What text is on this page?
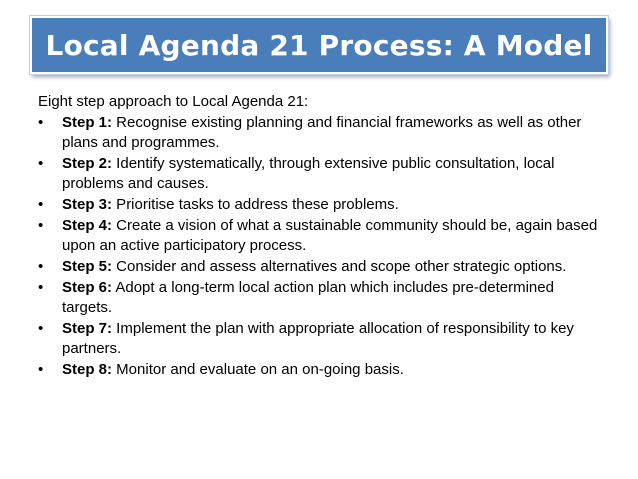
Local Agenda 21 Process: A Model

Eight step approach to Local Agenda 21:

•	Step 1: Recognise existing planning and financial frameworks as well as other plans and programmes.
•	Step 2: Identify systematically, through extensive public consultation, local problems and causes.
•	Step 3: Prioritise tasks to address these problems.
•	Step 4: Create a vision of what a sustainable community should be, again based upon an active participatory process.
•	Step 5: Consider and assess alternatives and scope other strategic options.
•	Step 6: Adopt a long-term local action plan which includes pre-determined targets.
•	Step 7: Implement the plan with appropriate allocation of responsibility to key partners.
•	Step 8: Monitor and evaluate on an on-going basis.
